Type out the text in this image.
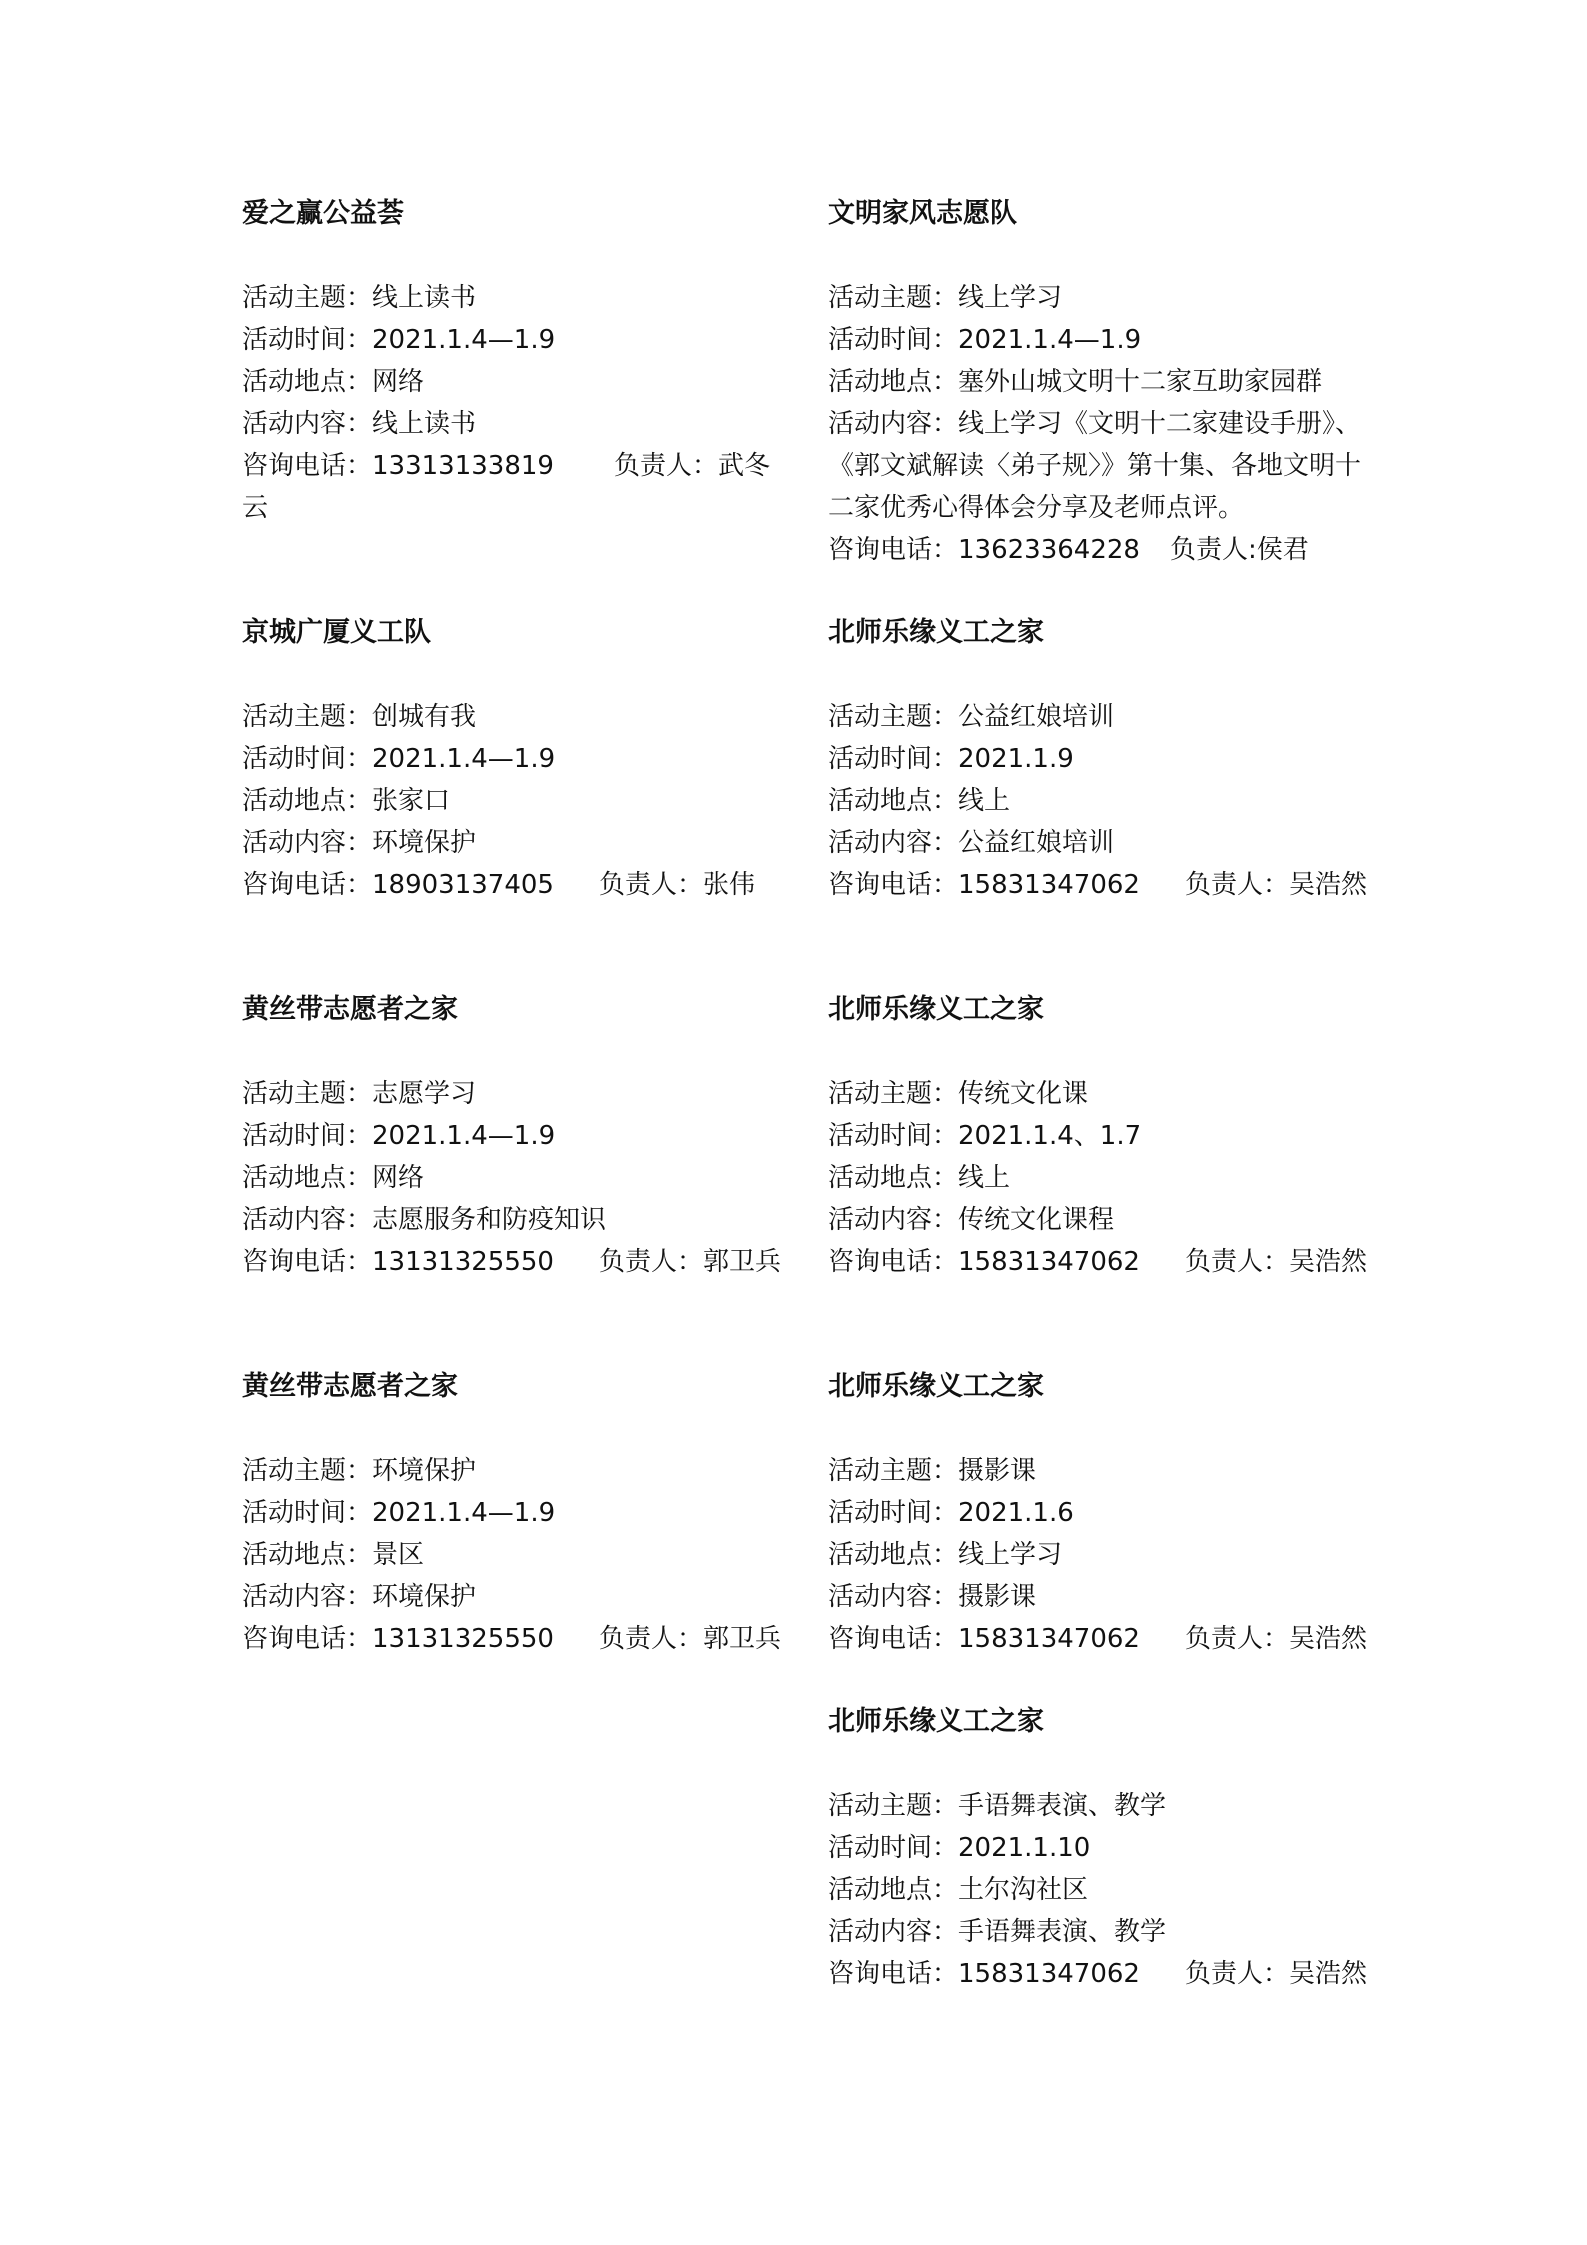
爱之赢公益荟
活动主题：线上读书
活动时间：2021.1.4—1.9
活动地点：网络
活动内容：线上读书
咨询电话：13313133819 负责人：武冬
云
文明家风志愿队
活动主题：线上学习
活动时间：2021.1.4—1.9
活动地点：塞外山城文明十二家互助家园群
活动内容：线上学习《文明十二家建设手册》、《郭文斌解读〈弟子规〉》第十集、各地文明十二家优秀心得体会分享及老师点评。
咨询电话：13623364228 负责人:侯君
京城广厦义工队
活动主题：创城有我
活动时间：2021.1.4—1.9
活动地点：张家口
活动内容：环境保护
咨询电话：18903137405 负责人：张伟
北师乐缘义工之家
活动主题：公益红娘培训
活动时间：2021.1.9
活动地点：线上
活动内容：公益红娘培训
咨询电话：15831347062 负责人：吴浩然
黄丝带志愿者之家
活动主题：志愿学习
活动时间：2021.1.4—1.9
活动地点：网络
活动内容：志愿服务和防疫知识
咨询电话：13131325550 负责人：郭卫兵
北师乐缘义工之家
活动主题：传统文化课
活动时间：2021.1.4、1.7
活动地点：线上
活动内容：传统文化课程
咨询电话：15831347062 负责人：吴浩然
黄丝带志愿者之家
活动主题：环境保护
活动时间：2021.1.4—1.9
活动地点：景区
活动内容：环境保护
咨询电话：13131325550 负责人：郭卫兵
北师乐缘义工之家
活动主题：摄影课
活动时间：2021.1.6
活动地点：线上学习
活动内容：摄影课
咨询电话：15831347062 负责人：吴浩然
北师乐缘义工之家
活动主题：手语舞表演、教学
活动时间：2021.1.10
活动地点：土尔沟社区
活动内容：手语舞表演、教学
咨询电话：15831347062 负责人：吴浩然
